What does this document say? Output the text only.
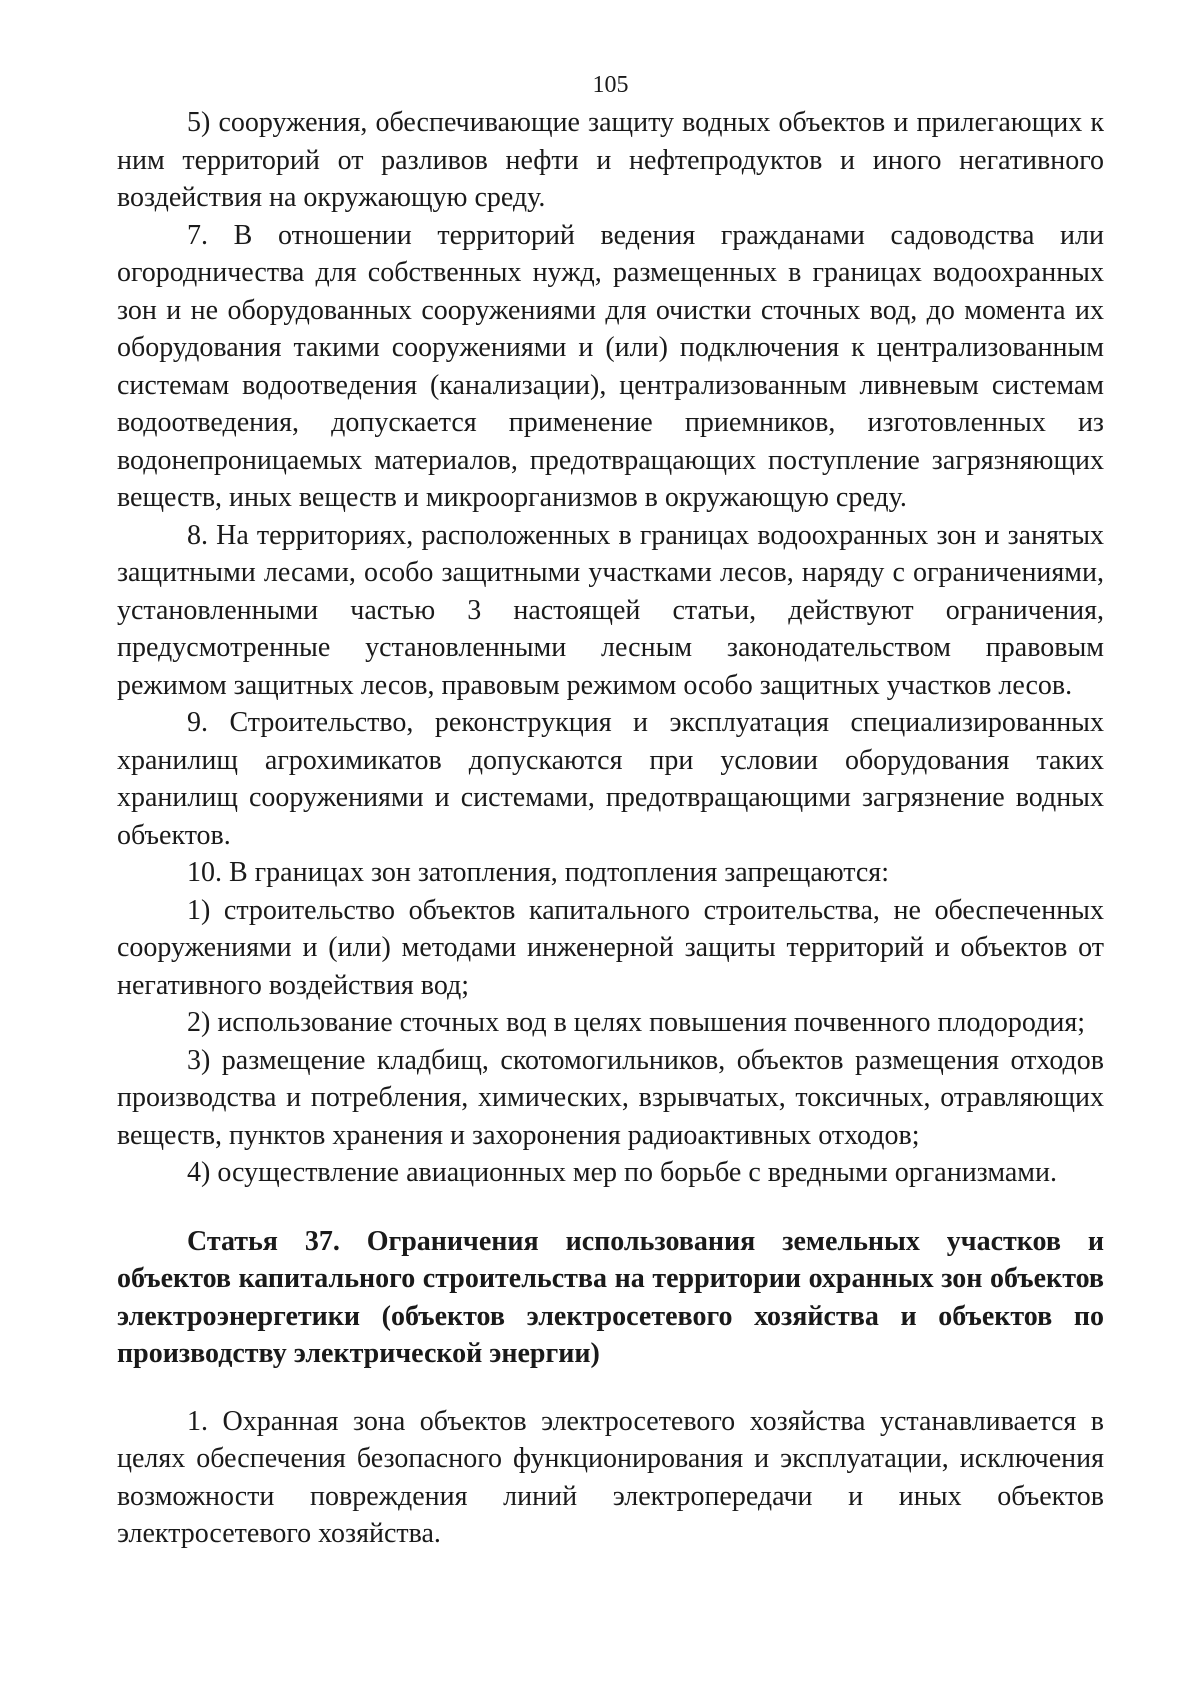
105

5) сооружения, обеспечивающие защиту водных объектов и прилегающих к ним территорий от разливов нефти и нефтепродуктов и иного негативного воздействия на окружающую среду.

7. В отношении территорий ведения гражданами садоводства или огородничества для собственных нужд, размещенных в границах водоохранных зон и не оборудованных сооружениями для очистки сточных вод, до момента их оборудования такими сооружениями и (или) подключения к централизованным системам водоотведения (канализации), централизованным ливневым системам водоотведения, допускается применение приемников, изготовленных из водонепроницаемых материалов, предотвращающих поступление загрязняющих веществ, иных веществ и микроорганизмов в окружающую среду.

8. На территориях, расположенных в границах водоохранных зон и занятых защитными лесами, особо защитными участками лесов, наряду с ограничениями, установленными частью 3 настоящей статьи, действуют ограничения, предусмотренные установленными лесным законодательством правовым режимом защитных лесов, правовым режимом особо защитных участков лесов.

9. Строительство, реконструкция и эксплуатация специализированных хранилищ агрохимикатов допускаются при условии оборудования таких хранилищ сооружениями и системами, предотвращающими загрязнение водных объектов.

10. В границах зон затопления, подтопления запрещаются:

1) строительство объектов капитального строительства, не обеспеченных сооружениями и (или) методами инженерной защиты территорий и объектов от негативного воздействия вод;

2) использование сточных вод в целях повышения почвенного плодородия;

3) размещение кладбищ, скотомогильников, объектов размещения отходов производства и потребления, химических, взрывчатых, токсичных, отравляющих веществ, пунктов хранения и захоронения радиоактивных отходов;

4) осуществление авиационных мер по борьбе с вредными организмами.

Статья 37. Ограничения использования земельных участков и объектов капитального строительства на территории охранных зон объектов электроэнергетики (объектов электросетевого хозяйства и объектов по производству электрической энергии)

1. Охранная зона объектов электросетевого хозяйства устанавливается в целях обеспечения безопасного функционирования и эксплуатации, исключения возможности повреждения линий электропередачи и иных объектов электросетевого хозяйства.
